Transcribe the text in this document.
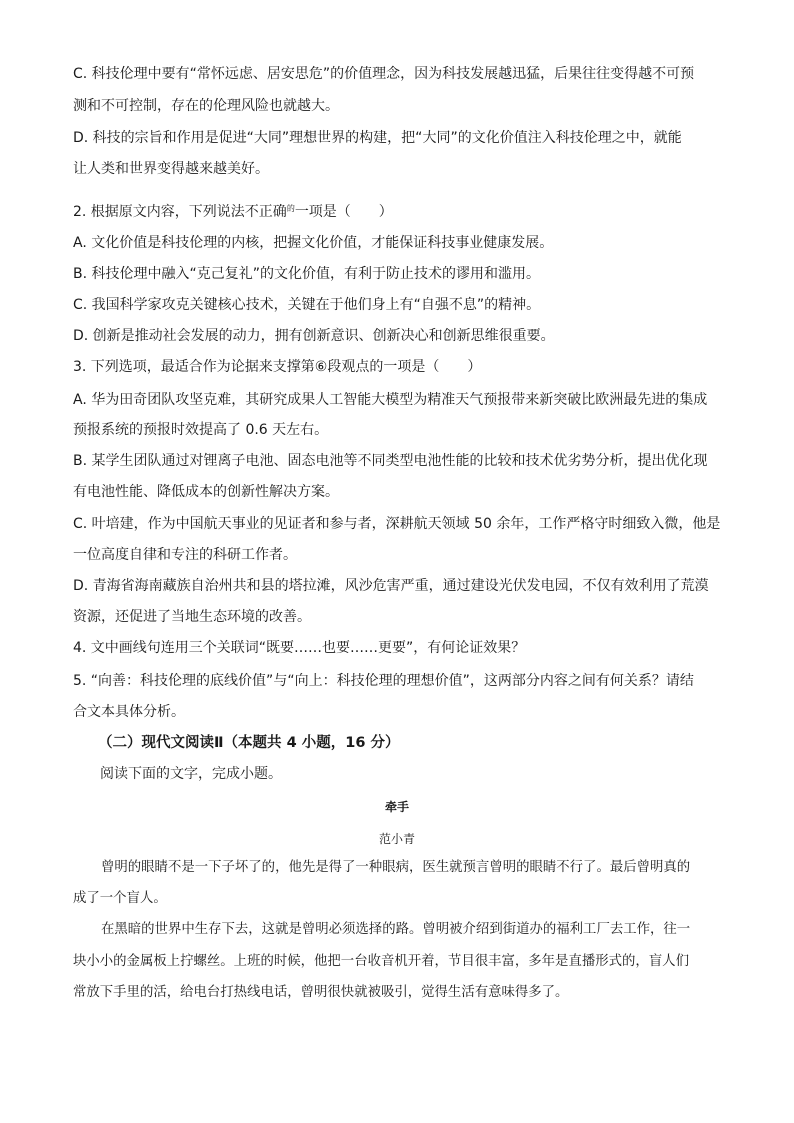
C. 科技伦理中要有“常怀远虑、居安思危”的价值理念，因为科技发展越迅猛，后果往往变得越不可预
测和不可控制，存在的伦理风险也就越大。
D. 科技的宗旨和作用是促进“大同”理想世界的构建，把“大同”的文化价值注入科技伦理之中，就能
让人类和世界变得越来越美好。
2. 根据原文内容，下列说法不正确$^的$一项是（　　）
A. 文化价值是科技伦理的内核，把握文化价值，才能保证科技事业健康发展。
B. 科技伦理中融入“克己复礼”的文化价值，有利于防止技术的谬用和滥用。
C. 我国科学家攻克关键核心技术，关键在于他们身上有“自强不息”的精神。
D. 创新是推动社会发展的动力，拥有创新意识、创新决心和创新思维很重要。
3. 下列选项，最适合作为论据来支撑第⑥段观点的一项是（　　）
A. 华为田奇团队攻坚克难，其研究成果人工智能大模型为精准天气预报带来新突破比欧洲最先进的集成
预报系统的预报时效提高了 0.6 天左右。
B. 某学生团队通过对锂离子电池、固态电池等不同类型电池性能的比较和技术优劣势分析，提出优化现
有电池性能、降低成本的创新性解决方案。
C. 叶培建，作为中国航天事业的见证者和参与者，深耕航天领域 50 余年，工作严格守时细致入微，他是
一位高度自律和专注的科研工作者。
D. 青海省海南藏族自治州共和县的塔拉滩，风沙危害严重，通过建设光伏发电园，不仅有效利用了荒漠
资源，还促进了当地生态环境的改善。
4. 文中画线句连用三个关联词“既要……也要……更要”，有何论证效果？
5. “向善：科技伦理的底线价值”与“向上：科技伦理的理想价值”，这两部分内容之间有何关系？请结
合文本具体分析。
（二）现代文阅读Ⅱ（本题共 4 小题，16 分）
阅读下面的文字，完成小题。
牵手
范小青
曾明的眼睛不是一下子坏了的，他先是得了一种眼病，医生就预言曾明的眼睛不行了。最后曾明真的
成了一个盲人。
在黑暗的世界中生存下去，这就是曾明必须选择的路。曾明被介绍到街道办的福利工厂去工作，往一
块小小的金属板上拧螺丝。上班的时候，他把一台收音机开着，节目很丰富，多年是直播形式的，盲人们
常放下手里的活，给电台打热线电话，曾明很快就被吸引，觉得生活有意味得多了。
